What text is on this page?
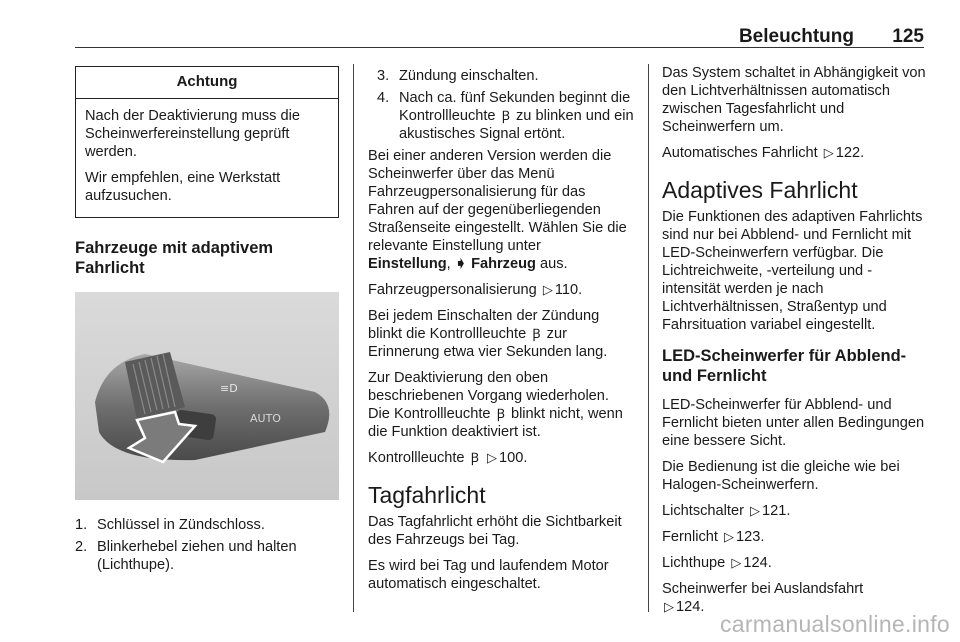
Beleuchtung 125
Achtung

Nach der Deaktivierung muss die Scheinwerfereinstellung geprüft werden.

Wir empfehlen, eine Werkstatt aufzusuchen.

Fahrzeuge mit adaptivem Fahrlicht
≡D
AUTO
1. Schlüssel in Zündschloss.
2. Blinkerhebel ziehen und halten (Lichthupe).
3. Zündung einschalten.
4. Nach ca. fünf Sekunden beginnt die Kontrollleuchte Ꞵ zu blinken und ein akustisches Signal ertönt.

Bei einer anderen Version werden die Scheinwerfer über das Menü Fahrzeugpersonalisierung für das Fahren auf der gegenüberliegenden Straßenseite eingestellt. Wählen Sie die relevante Einstellung unter
Einstellung, ➧ Fahrzeug aus.

Fahrzeugpersonalisierung ▷ 110.

Bei jedem Einschalten der Zündung blinkt die Kontrollleuchte Ꞵ zur Erinnerung etwa vier Sekunden lang.

Zur Deaktivierung den oben beschriebenen Vorgang wiederholen. Die Kontrollleuchte Ꞵ blinkt nicht, wenn die Funktion deaktiviert ist.

Kontrollleuchte Ꞵ ▷ 100.

Tagfahrlicht

Das Tagfahrlicht erhöht die Sichtbarkeit des Fahrzeugs bei Tag.

Es wird bei Tag und laufendem Motor automatisch eingeschaltet.

Das System schaltet in Abhängigkeit von den Lichtverhältnissen automatisch zwischen Tagesfahrlicht und Scheinwerfern um.

Automatisches Fahrlicht ▷ 122.

Adaptives Fahrlicht

Die Funktionen des adaptiven Fahrlichts sind nur bei Abblend- und Fernlicht mit LED-Scheinwerfern verfügbar. Die Lichtreichweite, -verteilung und -intensität werden je nach Lichtverhältnissen, Straßentyp und Fahrsituation variabel eingestellt.

LED-Scheinwerfer für Abblend- und Fernlicht

LED-Scheinwerfer für Abblend- und Fernlicht bieten unter allen Bedingungen eine bessere Sicht.

Die Bedienung ist die gleiche wie bei Halogen-Scheinwerfern.

Lichtschalter ▷ 121.

Fernlicht ▷ 123.

Lichthupe ▷ 124.

Scheinwerfer bei Auslandsfahrt
▷ 124.

carmanualsonline.info
